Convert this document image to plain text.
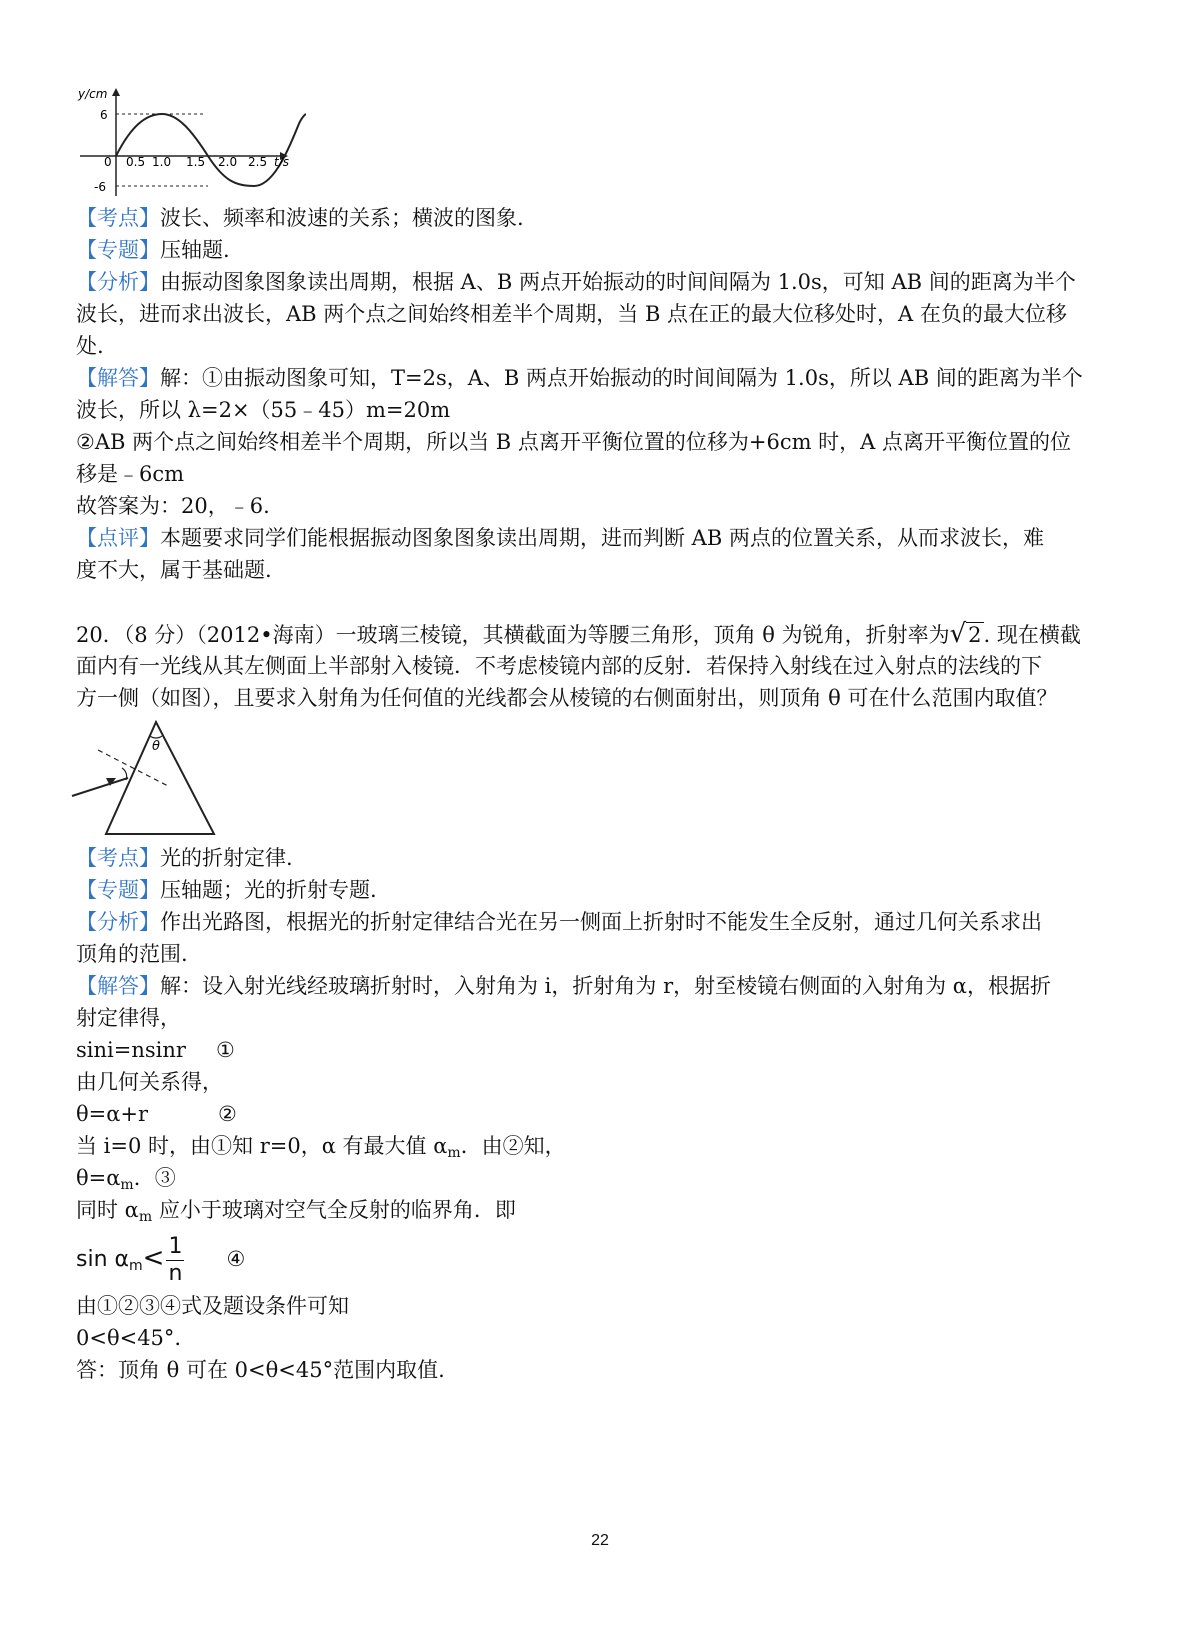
y/cm
6
-6
0 0.5 1.0 1.5 2.0 2.5 t/s
【考点】波长、频率和波速的关系；横波的图象.
【专题】压轴题.
【分析】由振动图象图象读出周期，根据 A、B 两点开始振动的时间间隔为 1.0s，可知 AB 间的距离为半个
波长，进而求出波长，AB 两个点之间始终相差半个周期，当 B 点在正的最大位移处时，A 在负的最大位移
处.
【解答】解：①由振动图象可知，T=2s，A、B 两点开始振动的时间间隔为 1.0s，所以 AB 间的距离为半个
波长，所以 λ=2×（55﹣45）m=20m
②AB 两个点之间始终相差半个周期，所以当 B 点离开平衡位置的位移为+6cm 时，A 点离开平衡位置的位
移是﹣6cm
故答案为：20，﹣6.
【点评】本题要求同学们能根据振动图象图象读出周期，进而判断 AB 两点的位置关系，从而求波长，难
度不大，属于基础题.
20．（8 分）（2012•海南）一玻璃三棱镜，其横截面为等腰三角形，顶角 θ 为锐角，折射率为√2. 现在横截
面内有一光线从其左侧面上半部射入棱镜．不考虑棱镜内部的反射．若保持入射线在过入射点的法线的下
方一侧（如图），且要求入射角为任何值的光线都会从棱镜的右侧面射出，则顶角 θ 可在什么范围内取值？
θ
【考点】光的折射定律.
【专题】压轴题；光的折射专题.
【分析】作出光路图，根据光的折射定律结合光在另一侧面上折射时不能发生全反射，通过几何关系求出
顶角的范围.
【解答】解：设入射光线经玻璃折射时，入射角为 i，折射角为 r，射至棱镜右侧面的入射角为 α，根据折
射定律得，
sini=nsinr ①
由几何关系得，
θ=α+r	②
当 i=0 时，由①知 r=0，α 有最大值 $\alpha_m$．由②知，
$\theta=\alpha_m$．③
同时 $\alpha_m$ 应小于玻璃对空气全反射的临界角．即
$\sin \alpha_m< \frac{1}{n}$ ④
由①②③④式及题设条件可知
0<θ<45°.
答：顶角 θ 可在 0<θ<45°范围内取值.
22
